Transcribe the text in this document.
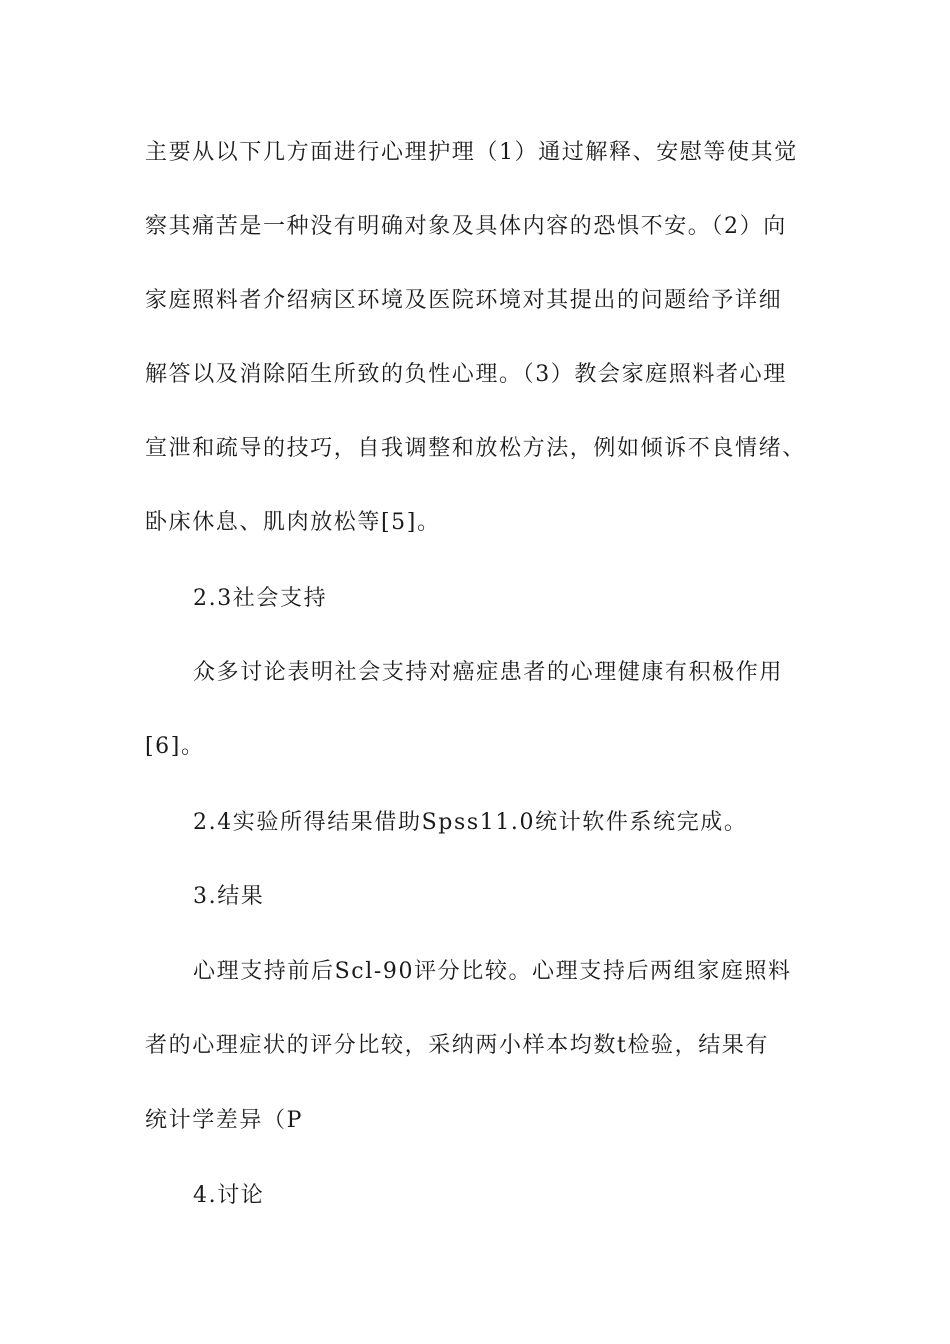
主要从以下几方面进行心理护理（1）通过解释、安慰等使其觉
察其痛苦是一种没有明确对象及具体内容的恐惧不安。（2）向
家庭照料者介绍病区环境及医院环境对其提出的问题给予详细
解答以及消除陌生所致的负性心理。（3）教会家庭照料者心理
宣泄和疏导的技巧，自我调整和放松方法，例如倾诉不良情绪、
卧床休息、肌肉放松等[5]。
2.3社会支持
众多讨论表明社会支持对癌症患者的心理健康有积极作用
[6]。
2.4实验所得结果借助Spss11.0统计软件系统完成。
3.结果
心理支持前后Scl-90评分比较。心理支持后两组家庭照料
者的心理症状的评分比较，采纳两小样本均数t检验，结果有
统计学差异（P
4.讨论
